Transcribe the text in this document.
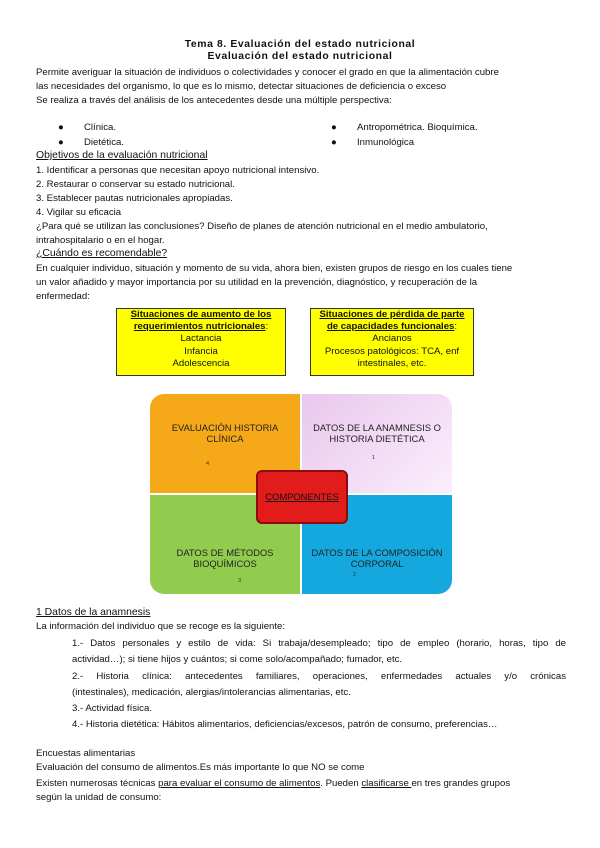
Tema 8. Evaluación del estado nutricional
Evaluación del estado nutricional
Permite averiguar la situación de individuos o colectividades y conocer el grado en que la alimentación cubre
las necesidades del organismo, lo que es lo mismo, detectar situaciones de deficiencia o exceso
Se realiza a través del análisis de los antecedentes desde una múltiple perspectiva:
● Clínica.
● Dietética.
● Antropométrica. Bioquímica.
● Inmunológica
Objetivos de la evaluación nutricional
1. Identificar a personas que necesitan apoyo nutricional intensivo.
2. Restaurar o conservar su estado nutricional.
3. Establecer pautas nutricionales apropiadas.
4. Vigilar su eficacia
¿Para qué se utilizan las conclusiones? Diseño de planes de atención nutricional en el medio ambulatorio,
intrahospitalario o en el hogar.
¿Cuándo es recomendable?
En cualquier individuo, situación y momento de su vida, ahora bien, existen grupos de riesgo en los cuales tiene
un valor añadido y mayor importancia por su utilidad en la prevención, diagnóstico, y recuperación de la
enfermedad:
Situaciones de aumento de los
requerimientos nutricionales:
Lactancia
Infancia
Adolescencia
Situaciones de pérdida de parte
de capacidades funcionales:
Ancianos
Procesos patológicos: TCA, enf
intestinales, etc.
EVALUACIÓN HISTORIA
CLÍNICA
4
DATOS DE LA ANAMNESIS O
HISTORIA DIETÉTICA
1
DATOS DE MÉTODOS
BIOQUÍMICOS
3
DATOS DE LA COMPOSICIÓN
CORPORAL
2
COMPONENTES
1 Datos de la anamnesis
La información del individuo que se recoge es la siguiente:
1.- Datos personales y estilo de vida: Si trabaja/desempleado; tipo de empleo (horario, horas, tipo de
actividad…); si tiene hijos y cuántos; si come solo/acompañado; fumador, etc.
2.- Historia clínica: antecedentes familiares, operaciones, enfermedades actuales y/o crónicas
(intestinales), medicación, alergias/intolerancias alimentarias, etc.
3.- Actividad física.
4.- Historia dietética: Hábitos alimentarios, deficiencias/excesos, patrón de consumo, preferencias…
Encuestas alimentarias
Evaluación del consumo de alimentos.Es más importante lo que NO se come
Existen numerosas técnicas para evaluar el consumo de alimentos. Pueden clasificarse en tres grandes grupos
según la unidad de consumo:
